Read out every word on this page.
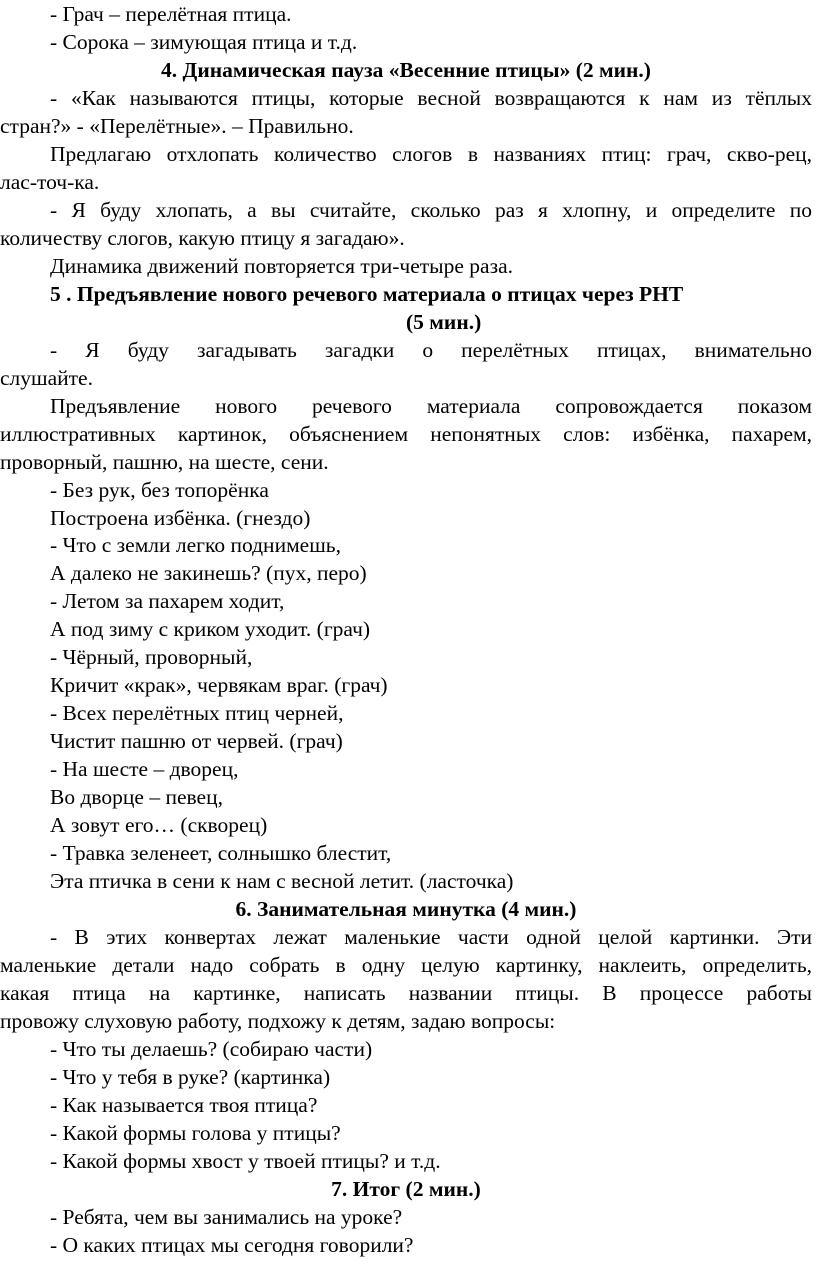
- Грач – перелётная птица.
- Сорока – зимующая птица и т.д.
4. Динамическая пауза «Весенние птицы» (2 мин.)
- «Как называются птицы, которые весной возвращаются к нам из тёплых
стран?» - «Перелётные». – Правильно.
Предлагаю отхлопать количество слогов в названиях птиц: грач, скво-рец,
лас-точ-ка.
- Я буду хлопать, а вы считайте, сколько раз я хлопну, и определите по
количеству слогов, какую птицу я загадаю».
Динамика движений повторяется три-четыре раза.
5 . Предъявление нового речевого материала о птицах через РНТ
(5 мин.)
- Я буду загадывать загадки о перелётных птицах, внимательно
слушайте.
Предъявление нового речевого материала сопровождается показом
иллюстративных картинок, объяснением непонятных слов: избёнка, пахарем,
проворный, пашню, на шесте, сени.
- Без рук, без топорёнка
Построена избёнка. (гнездо)
- Что с земли легко поднимешь,
А далеко не закинешь? (пух, перо)
- Летом за пахарем ходит,
А под зиму с криком уходит. (грач)
- Чёрный, проворный,
Кричит «крак», червякам враг. (грач)
- Всех перелётных птиц черней,
Чистит пашню от червей. (грач)
- На шесте – дворец,
Во дворце – певец,
А зовут его… (скворец)
- Травка зеленеет, солнышко блестит,
Эта птичка в сени к нам с весной летит. (ласточка)
6. Занимательная минутка (4 мин.)
- В этих конвертах лежат маленькие части одной целой картинки. Эти
маленькие детали надо собрать в одну целую картинку, наклеить, определить,
какая птица на картинке, написать названии птицы. В процессе работы
провожу слуховую работу, подхожу к детям, задаю вопросы:
- Что ты делаешь? (собираю части)
- Что у тебя в руке? (картинка)
- Как называется твоя птица?
- Какой формы голова у птицы?
- Какой формы хвост у твоей птицы? и т.д.
7. Итог (2 мин.)
- Ребята, чем вы занимались на уроке?
- О каких птицах мы сегодня говорили?
